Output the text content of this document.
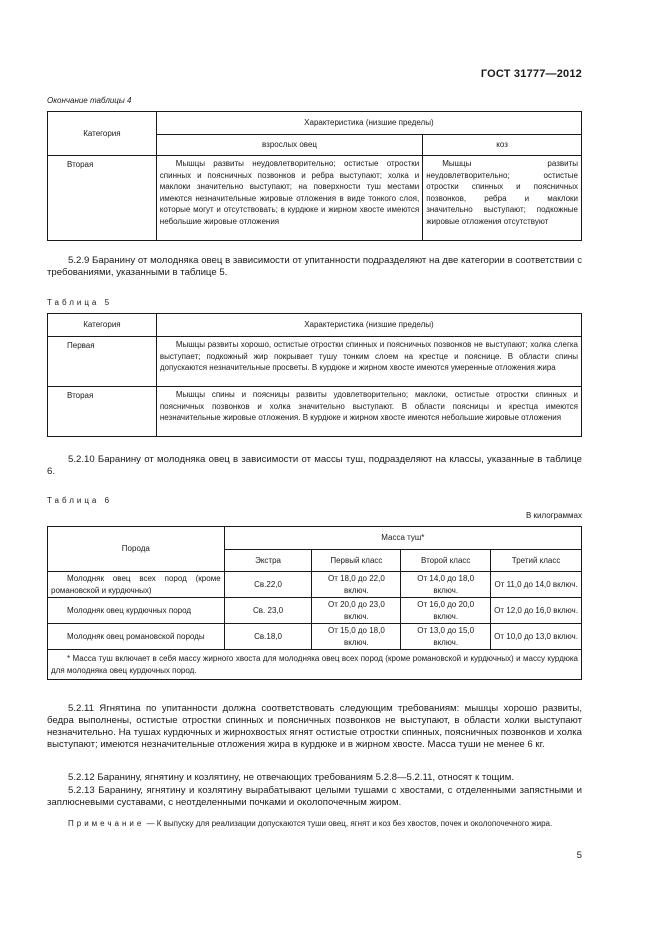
ГОСТ 31777—2012
Окончание таблицы 4
Категория	Характеристика (низшие пределы)	
	взрослых овец	коз
Вторая	Мышцы развиты неудовлетворительно; остистые отростки спинных и поясничных позвонков и ребра выступают; холка и маклоки значительно выступают; на поверхности туш местами имеются незначительные жировые отложения в виде тонкого слоя, которые могут и отсутствовать; в курдюке и жирном хвосте имеются небольшие жировые отложения	Мышцы развиты неудовлетворительно; остистые отростки спинных и поясничных позвонков, ребра и маклоки значительно выступают; подкожные жировые отложения отсутствуют
5.2.9 Баранину от молодняка овец в зависимости от упитанности подразделяют на две категории в соответствии с требованиями, указанными в таблице 5.
Таблица 5
Категория	Характеристика (низшие пределы)
Первая	Мышцы развиты хорошо, остистые отростки спинных и поясничных позвонков не выступают; холка слегка выступает; подкожный жир покрывает тушу тонким слоем на крестце и пояснице. В области спины допускаются незначительные просветы. В курдюке и жирном хвосте имеются умеренные отложения жира
Вторая	Мышцы спины и поясницы развиты удовлетворительно; маклоки, остистые отростки спинных и поясничных позвонков и холка значительно выступают. В области поясницы и крестца имеются незначительные жировые отложения. В курдюке и жирном хвосте имеются небольшие жировые отложения
5.2.10 Баранину от молодняка овец в зависимости от массы туш, подразделяют на классы, указанные в таблице 6.
Таблица 6
В килограммах
Порода	Масса туш*			
	Экстра	Первый класс	Второй класс	Третий класс
Молодняк овец всех пород (кроме романовской и курдючных)	Св.22,0	От 18,0 до 22,0 включ.	От 14,0 до 18,0 включ.	От 11,0 до 14,0 включ.
Молодняк овец курдючных пород	Св. 23,0	От 20,0 до 23,0 включ.	От 16,0 до 20,0 включ.	От 12,0 до 16,0 включ.
Молодняк овец романовской породы	Св.18,0	От 15,0 до 18,0 включ.	От 13,0 до 15,0 включ.	От 10,0 до 13,0 включ.
* Масса туш включает в себя массу жирного хвоста для молодняка овец всех пород (кроме романовской и курдючных) и массу курдюка для молодняка овец курдючных пород.				
5.2.11 Ягнятина по упитанности должна соответствовать следующим требованиям: мышцы хорошо развиты, бедра выполнены, остистые отростки спинных и поясничных позвонков не выступают, в области холки выступают незначительно. На тушах курдючных и жирнохвостых ягнят остистые отростки спинных, поясничных позвонков и холка выступают; имеются незначительные отложения жира в курдюке и в жирном хвосте. Масса туши не менее 6 кг.
5.2.12 Баранину, ягнятину и козлятину, не отвечающих требованиям 5.2.8—5.2.11, относят к тощим.
5.2.13 Баранину, ягнятину и козлятину вырабатывают целыми тушами с хвостами, с отделенными запястными и заплюсневыми суставами, с неотделенными почками и околопочечным жиром.
Примечание — К выпуску для реализации допускаются туши овец, ягнят и коз без хвостов, почек и околопочечного жира.
5
